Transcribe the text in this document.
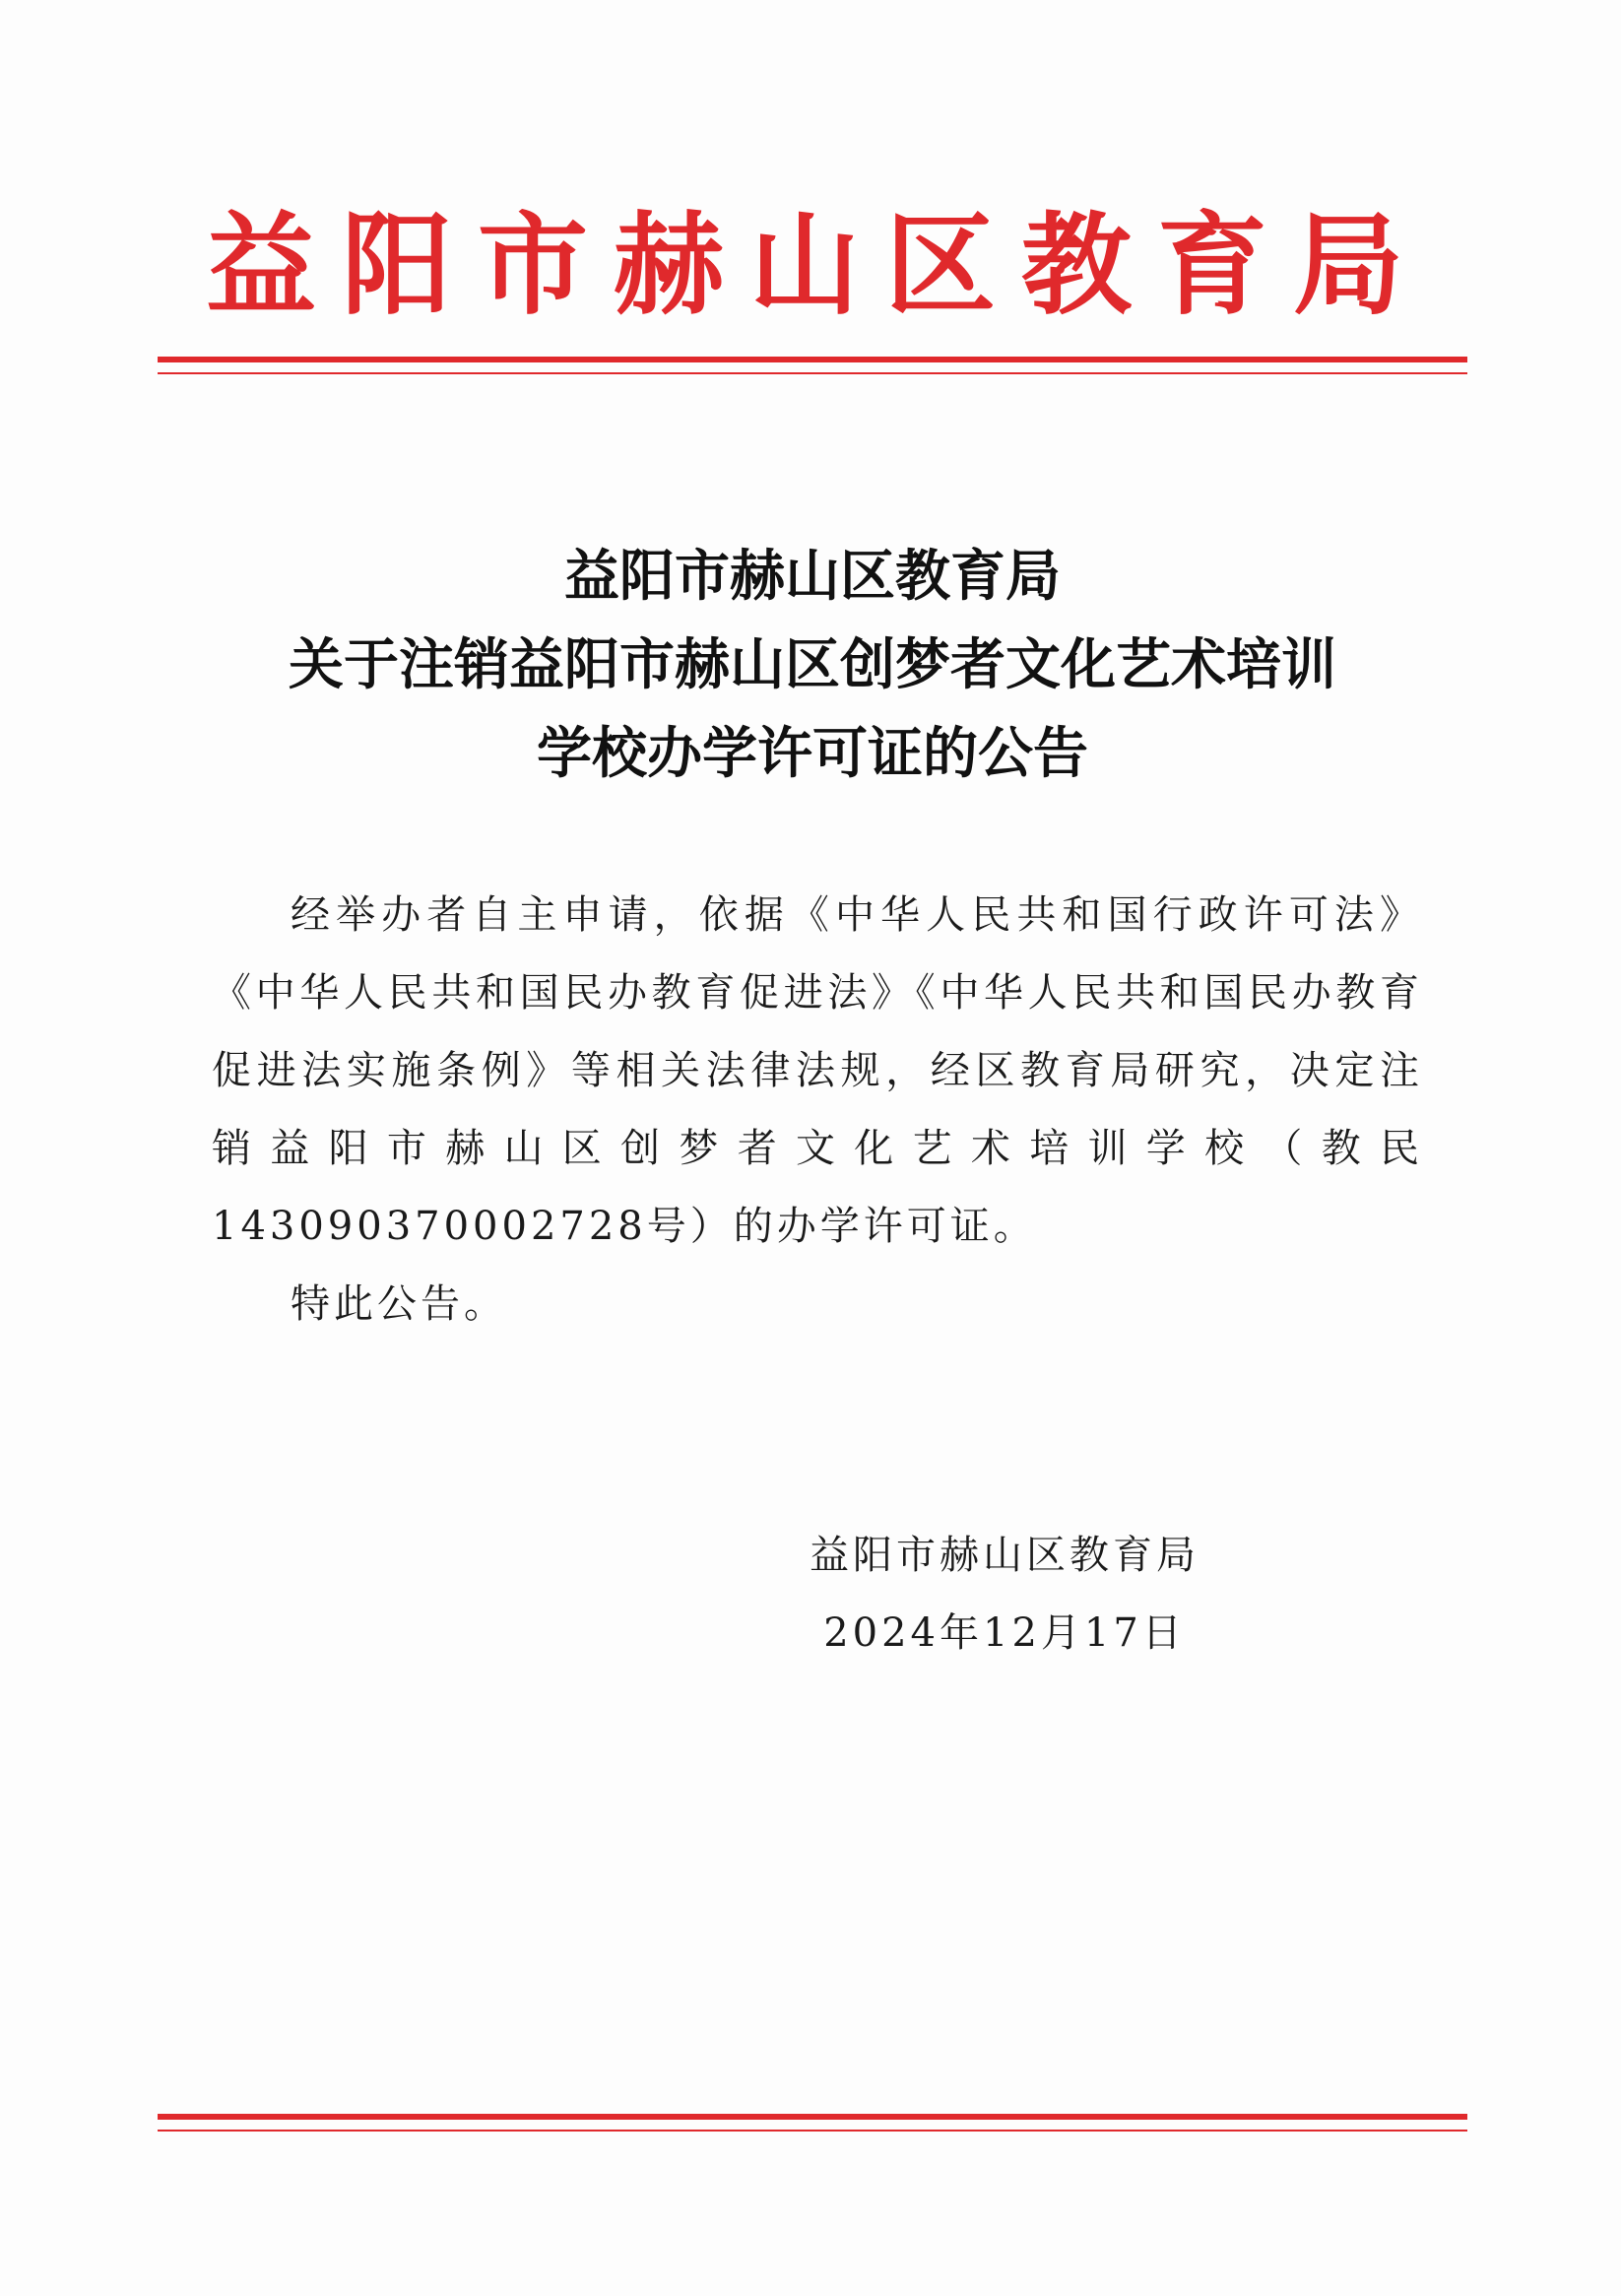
益阳市赫山区教育局
益阳市赫山区教育局
关于注销益阳市赫山区创梦者文化艺术培训
学校办学许可证的公告

经举办者自主申请，依据《中华人民共和国行政许可法》《中华人民共和国民办教育促进法》《中华人民共和国民办教育促进法实施条例》等相关法律法规，经区教育局研究，决定注销益阳市赫山区创梦者文化艺术培训学校（教民143090370002728号）的办学许可证。

特此公告。

益阳市赫山区教育局
2024年12月17日
